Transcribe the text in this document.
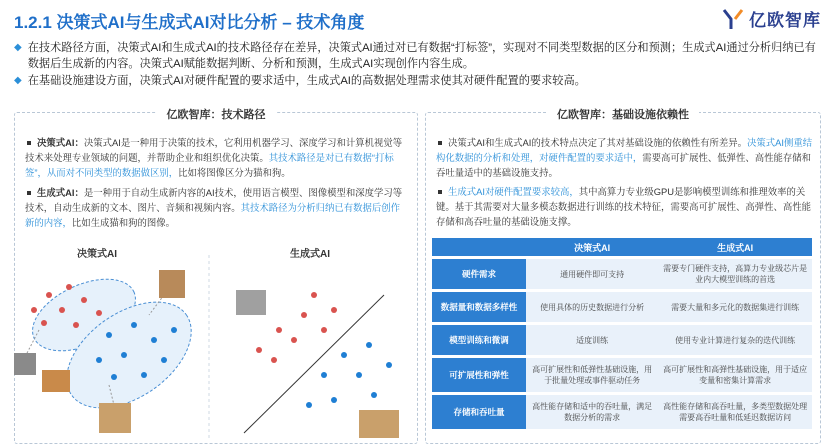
1.2.1 决策式AI与生成式AI对比分析 – 技术角度	亿欧智库
◆ 在技术路径方面，决策式AI和生成式AI的技术路径存在差异，决策式AI通过对已有数据“打标签”，实现对不同类型数据的区分和预测；生成式AI通过分析归纳已有数据后生成新的内容。决策式AI赋能数据判断、分析和预测，生成式AI实现创作内容生成。
◆ 在基础设施建设方面，决策式AI对硬件配置的要求适中，生成式AI的高数据处理需求使其对硬件配置的要求较高。
亿欧智库：技术路径

决策式AI：决策式AI是一种用于决策的技术，它利用机器学习、深度学习和计算机视觉等技术来处理专业领域的问题，并帮助企业和组织优化决策。其技术路径是对已有数据“打标签”，从而对不同类型的数据做区别，比如将图像区分为猫和狗。

生成式AI：是一种用于自动生成新内容的AI技术，使用语言模型、图像模型和深度学习等技术，自动生成新的文本、图片、音频和视频内容。其技术路径为分析归纳已有数据后创作新的内容，比如生成猫和狗的图像。

决策式AI	生成式AI
亿欧智库：基础设施依赖性

决策式AI和生成式AI的技术特点决定了其对基础设施的依赖性有所差异。决策式AI侧重结构化数据的分析和处理，对硬件配置的要求适中，需要高可扩展性、低弹性、高性能存储和吞吐量适中的基础设施支持。

生成式AI对硬件配置要求较高，其中高算力专业级GPU是影响模型训练和推理效率的关键。基于其需要对大量多模态数据进行训练的技术特征，需要高可扩展性、高弹性、高性能存储和高吞吐量的基础设施支撑。

	决策式AI	生成式AI
硬件需求	通用硬件即可支持	需要专门硬件支持，高算力专业级芯片是业内大模型训练的首选
数据量和数据多样性	使用具体的历史数据进行分析	需要大量和多元化的数据集进行训练
模型训练和微调	适度训练	使用专业计算进行复杂的迭代训练
可扩展性和弹性	高可扩展性和低弹性基础设施，用于批量处理或事件驱动任务	高可扩展性和高弹性基础设施，用于适应变量和密集计算需求
存储和吞吐量	高性能存储和适中的吞吐量，满足数据分析的需求	高性能存储和高吞吐量，多类型数据处理需要高吞吐量和低延迟数据访问
